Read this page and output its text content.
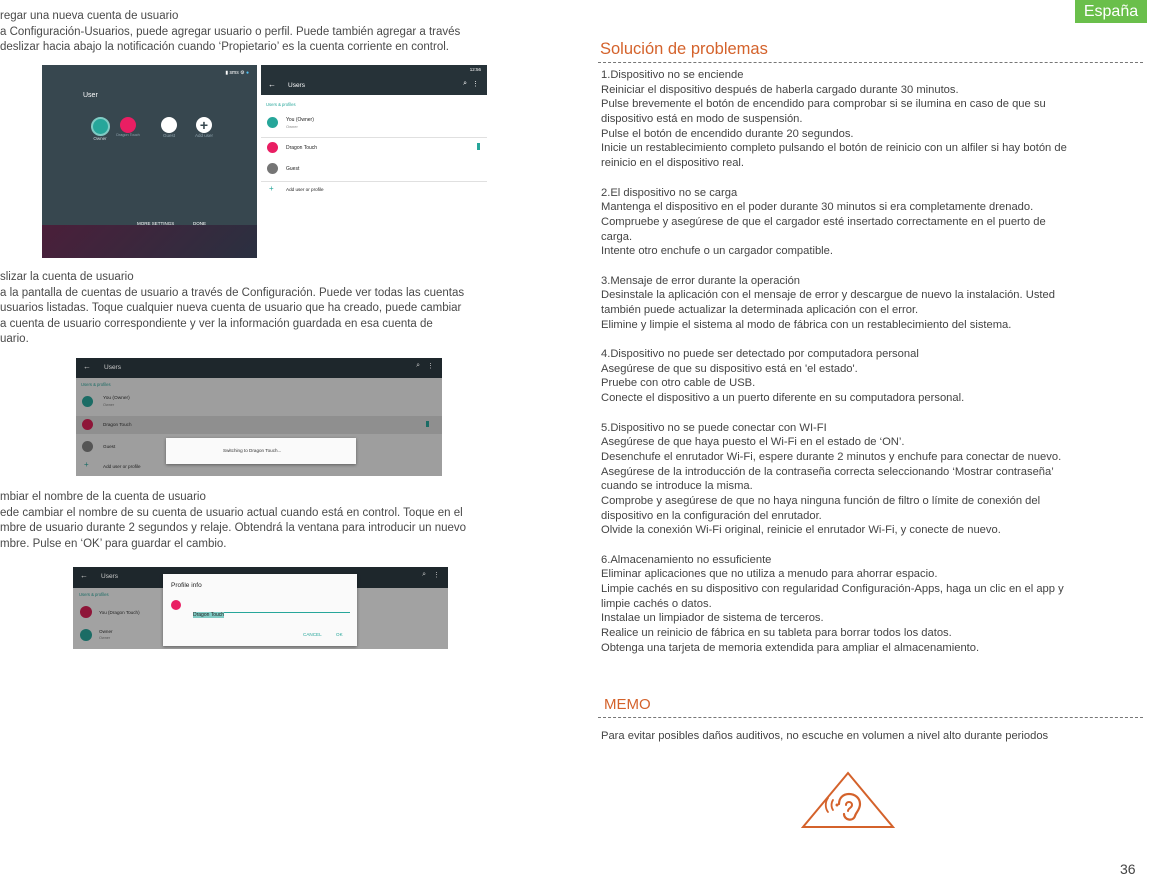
regar una nueva cuenta de usuario
a Configuración-Usuarios, puede agregar usuario o perfil. Puede también agregar a través
deslizar hacia abajo la notificación cuando ‘Propietario’ es la cuenta corriente en control.
▮ sms ⚙ ●
User
Owner
Dragon Touch	Guest
+
Add user
MORE SETTINGS	DONE
12:56
← Users	⌕ ⋮
Users & profiles
You (Owner)
Owner
Dragon Touch
Guest
+	Add user or profile
slizar la cuenta de usuario
a la pantalla de cuentas de usuario a través de Configuración. Puede ver todas las cuentas
usuarios listadas. Toque cualquier nueva cuenta de usuario que ha creado, puede cambiar
a cuenta de usuario correspondiente y ver la información guardada en esa cuenta de
uario.
← Users	⌕ ⋮
Users & profiles
You (Owner)
Owner
Dragon Touch
Guest
+	Add user or profile
Switching to Dragon Touch...
mbiar el nombre de la cuenta de usuario
ede cambiar el nombre de su cuenta de usuario actual cuando está en control. Toque en el
mbre de usuario durante 2 segundos y relaje. Obtendrá la ventana para introducir un nuevo
mbre. Pulse en ‘OK’ para guardar el cambio.
← Users	⌕ ⋮
Users & profiles
You (Dragon Touch)
Owner
Owner
Profile info
Dragon Touch
CANCEL	OK
España
Solución de problemas
1.Dispositivo no se enciende
Reiniciar el dispositivo después de haberla cargado durante 30 minutos.
Pulse brevemente el botón de encendido para comprobar si se ilumina en caso de que su
dispositivo está en modo de suspensión.
Pulse el botón de encendido durante 20 segundos.
Inicie un restablecimiento completo pulsando el botón de reinicio con un alfiler si hay botón de
reinicio en el dispositivo real.
2.El dispositivo no se carga
Mantenga el dispositivo en el poder durante 30 minutos si era completamente drenado.
Compruebe y asegúrese de que el cargador esté insertado correctamente en el puerto de
carga.
Intente otro enchufe o un cargador compatible.
3.Mensaje de error durante la operación
Desinstale la aplicación con el mensaje de error y descargue de nuevo la instalación. Usted
también puede actualizar la determinada aplicación con el error.
Elimine y limpie el sistema al modo de fábrica con un restablecimiento del sistema.
4.Dispositivo no puede ser detectado por computadora personal
Asegúrese de que su dispositivo está en 'el estado'.
Pruebe con otro cable de USB.
Conecte el dispositivo a un puerto diferente en su computadora personal.
5.Dispositivo no se puede conectar con WI-FI
Asegúrese de que haya puesto el Wi-Fi en el estado de ‘ON’.
Desenchufe el enrutador Wi-Fi, espere durante 2 minutos y enchufe para conectar de nuevo.
Asegúrese de la introducción de la contraseña correcta seleccionando ‘Mostrar contraseña’
cuando se introduce la misma.
Comprobe y asegúrese de que no haya ninguna función de filtro o límite de conexión del
dispositivo en la configuración del enrutador.
Olvide la conexión Wi-Fi original, reinicie el enrutador Wi-Fi, y conecte de nuevo.
6.Almacenamiento no essuficiente
Eliminar aplicaciones que no utiliza a menudo para ahorrar espacio.
Limpie cachés en su dispositivo con regularidad Configuración-Apps, haga un clic en el app y
limpie cachés o datos.
Instalae un limpiador de sistema de terceros.
Realice un reinicio de fábrica en su tableta para borrar todos los datos.
Obtenga una tarjeta de memoria extendida para ampliar el almacenamiento.
MEMO
Para evitar posibles daños auditivos, no escuche en volumen a nivel alto durante periodos
36
